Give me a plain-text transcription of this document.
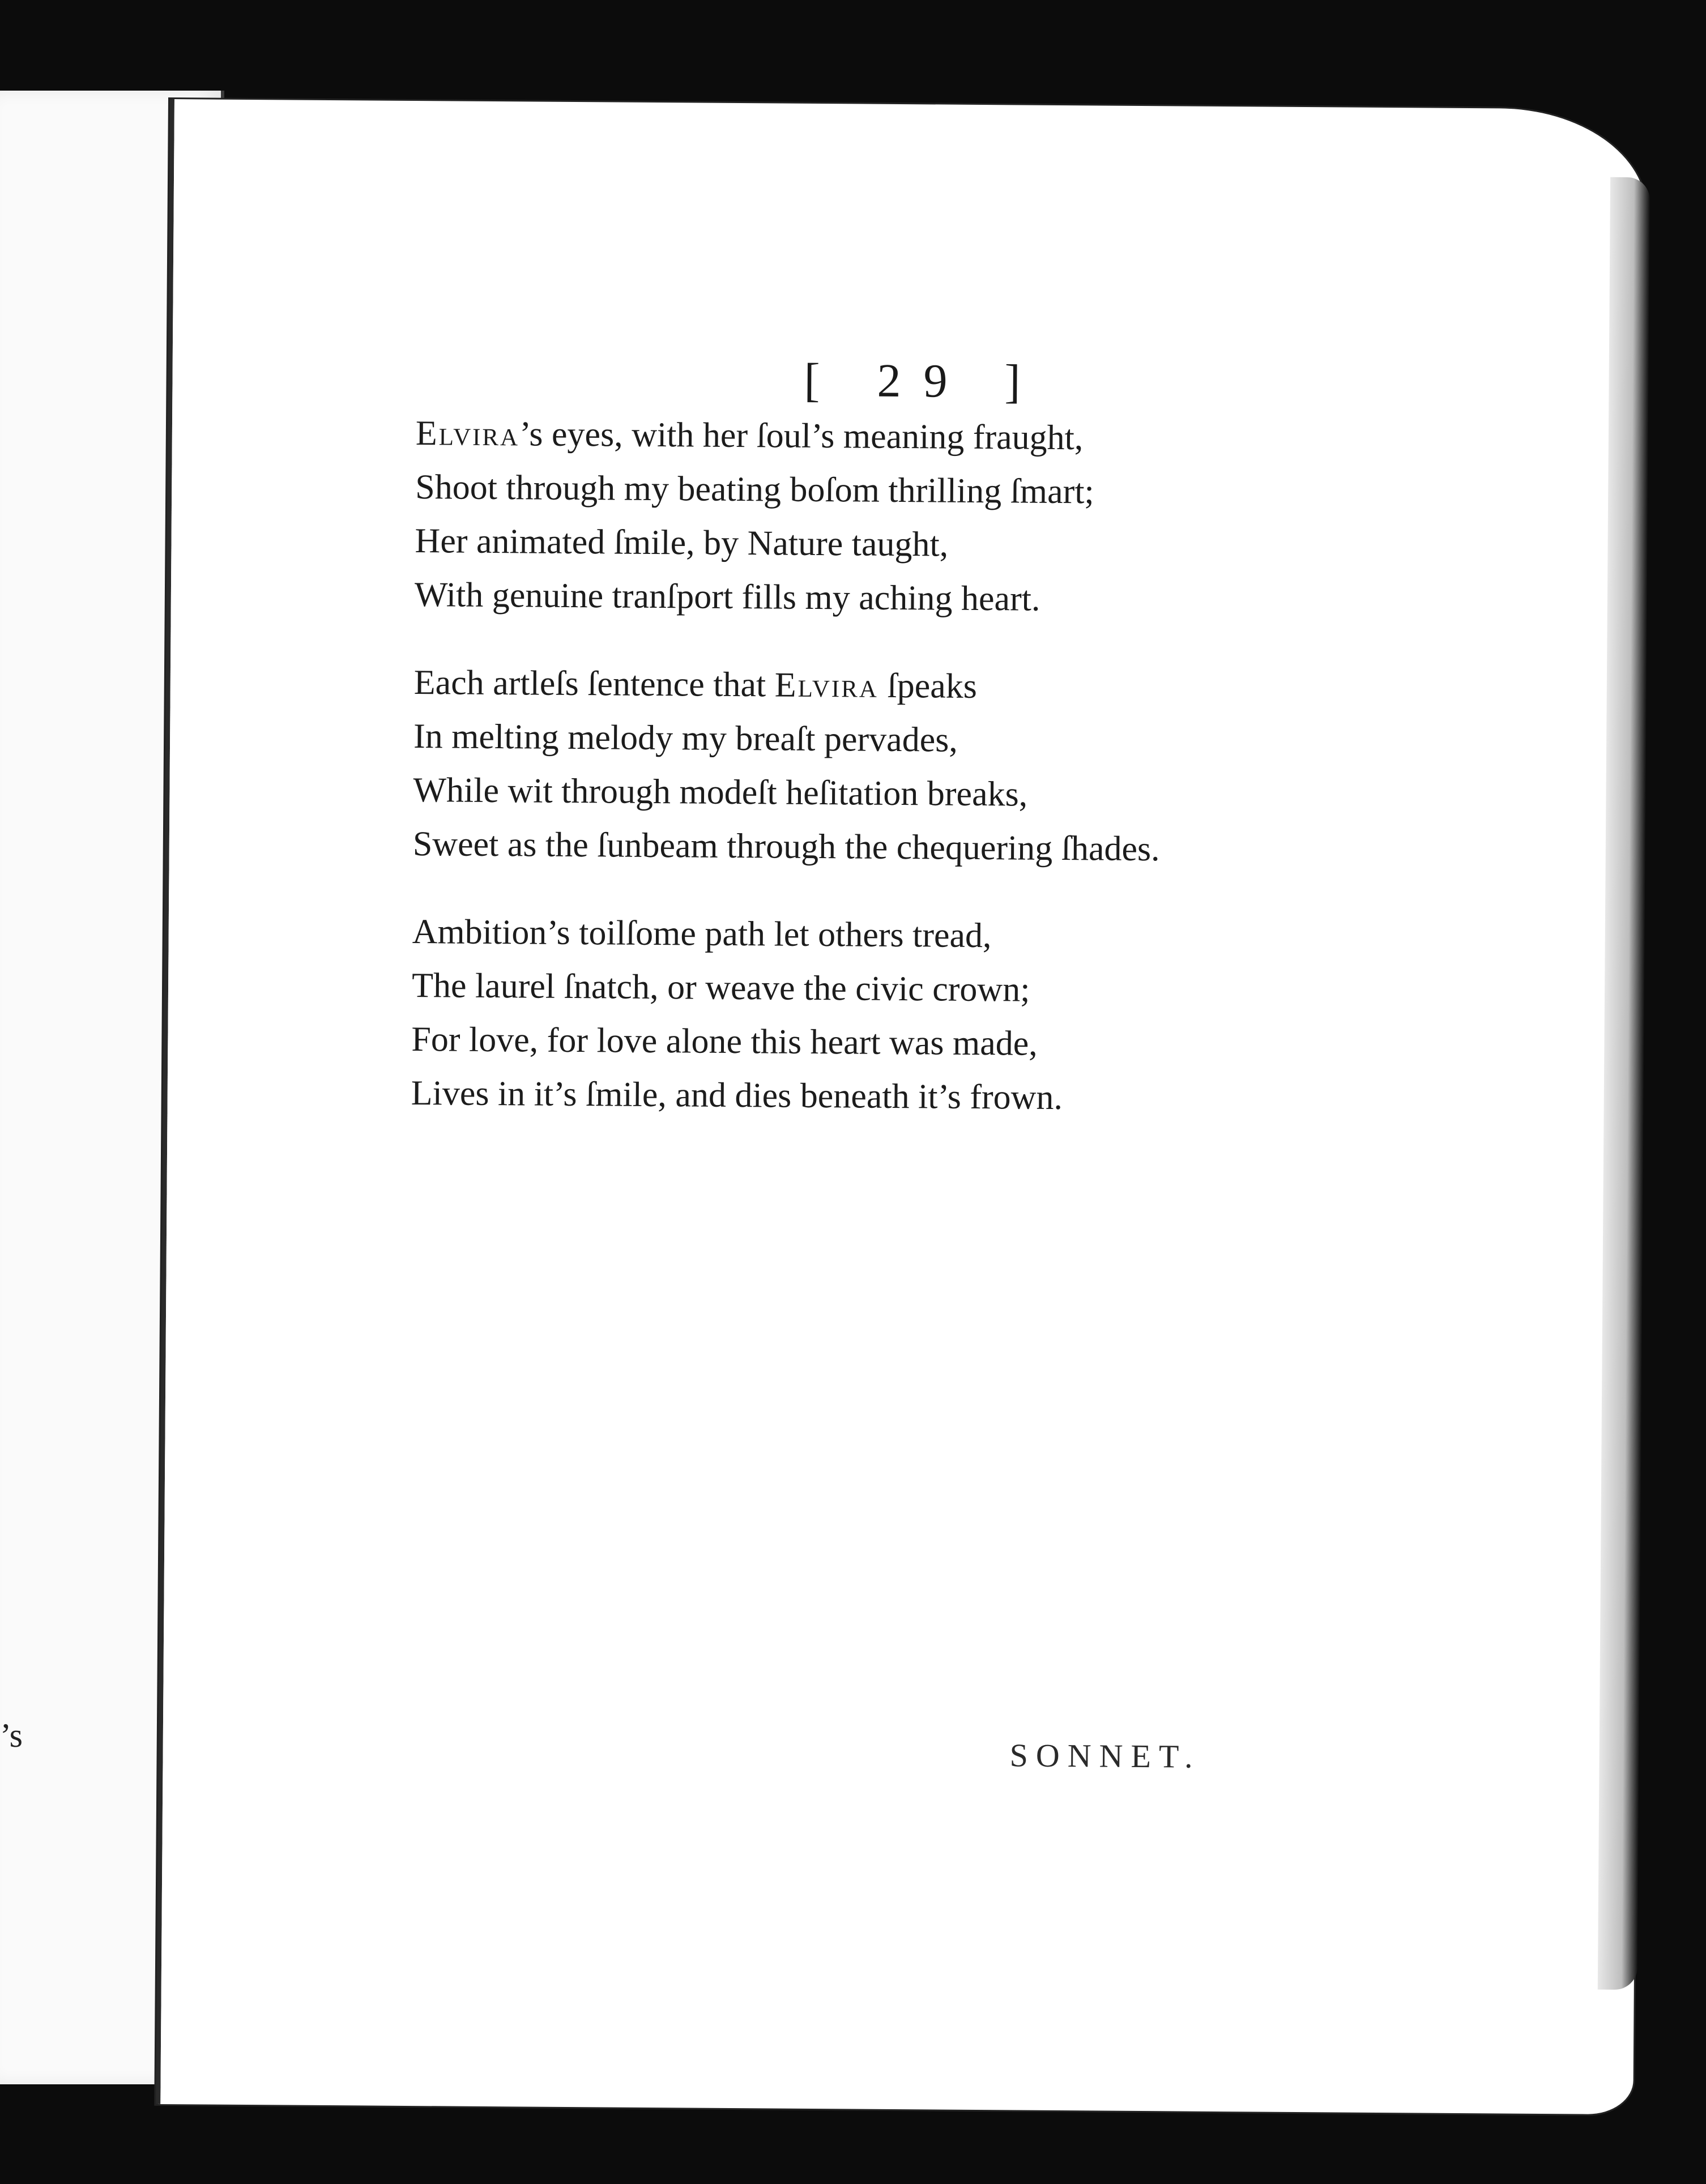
’s
[ 29 ]
Elvira’s eyes, with her ſoul’s meaning fraught,
Shoot through my beating boſom thrilling ſmart;
Her animated ſmile, by Nature taught,
With genuine tranſport fills my aching heart.
Each artleſs ſentence that Elvira ſpeaks
In melting melody my breaſt pervades,
While wit through modeſt heſitation breaks,
Sweet as the ſunbeam through the chequering ſhades.
Ambition’s toilſome path let others tread,
The laurel ſnatch, or weave the civic crown;
For love, for love alone this heart was made,
Lives in it’s ſmile, and dies beneath it’s frown.
SONNET.
